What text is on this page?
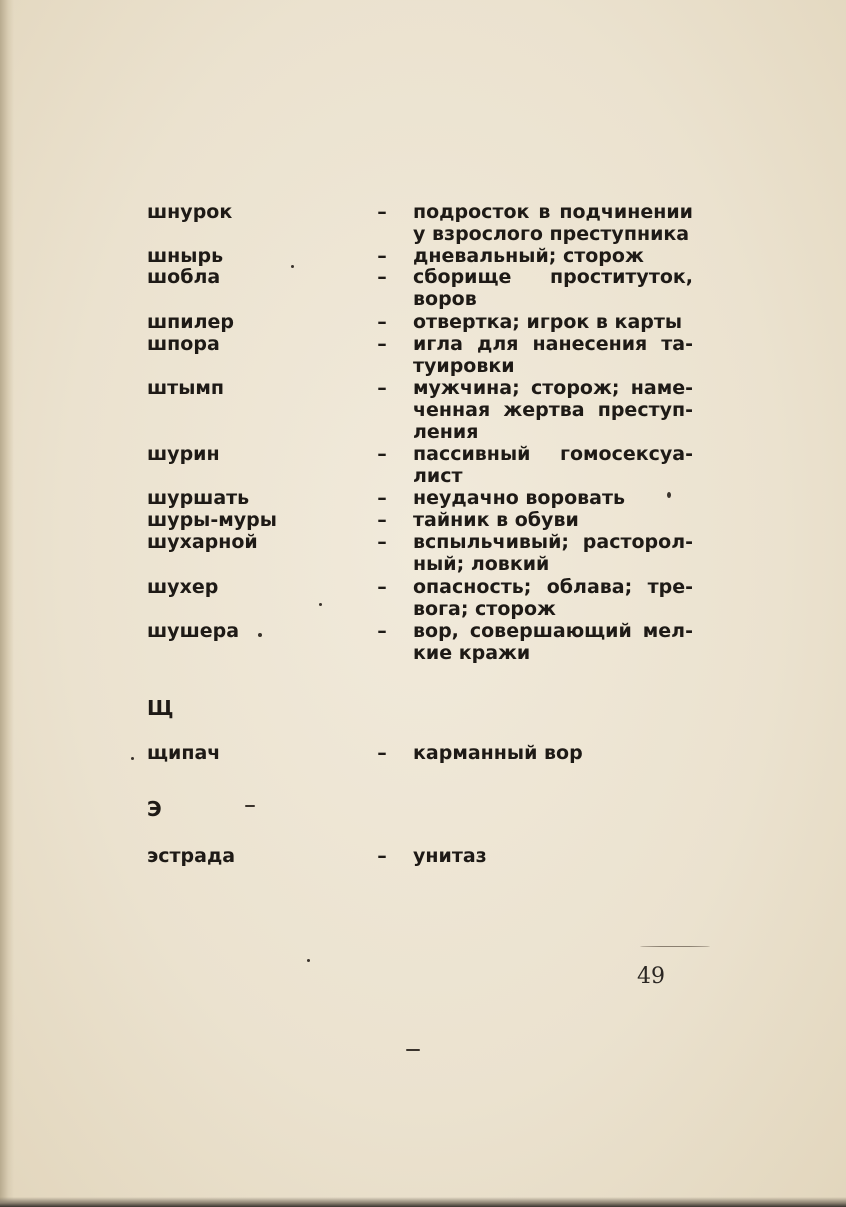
шнурок	– подросток в подчинении
у взрослого преступника
шнырь	– дневальный; сторож
шобла	– сборище проституток,
воров
шпилер	– отвертка; игрок в карты
шпора	– игла для нанесения та-
туировки
штымп	– мужчина; сторож; наме-
ченная жертва преступ-
ления
шурин	– пассивный гомосексуа-
лист
шуршать	– неудачно воровать
шуры-муры	– тайник в обуви
шухарной	– вспыльчивый; расторол-
ный; ловкий
шухер	– опасность; облава; тре-
вога; сторож
шушера	– вор, совершающий мел-
кие кражи
Щ
щипач	– карманный вор
Э
эстрада	– унитаз
49
